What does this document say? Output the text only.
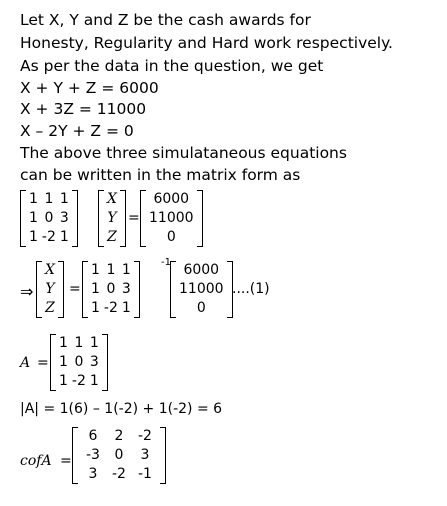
Let X, Y and Z be the cash awards for
Honesty, Regularity and Hard work respectively.
As per the data in the question, we get
X + Y + Z = 6000
X + 3Z = 11000
X – 2Y + Z = 0
The above three simulataneous equations
can be written in the matrix form as
1	1	1
1	0	3
1	-2	1
X
Y
Z
=
6000
11000
0
⇒
X
Y
Z
=
1	1	1
1	0	3
1	-2	1
-1 6000
11000
0
....(1)
A =
1	1	1
1	0	3
1	-2	1
|A| = 1(6) – 1(-2) + 1(-2) = 6
cofA =
6	2	-2
-3	0	3
3	-2	-1
